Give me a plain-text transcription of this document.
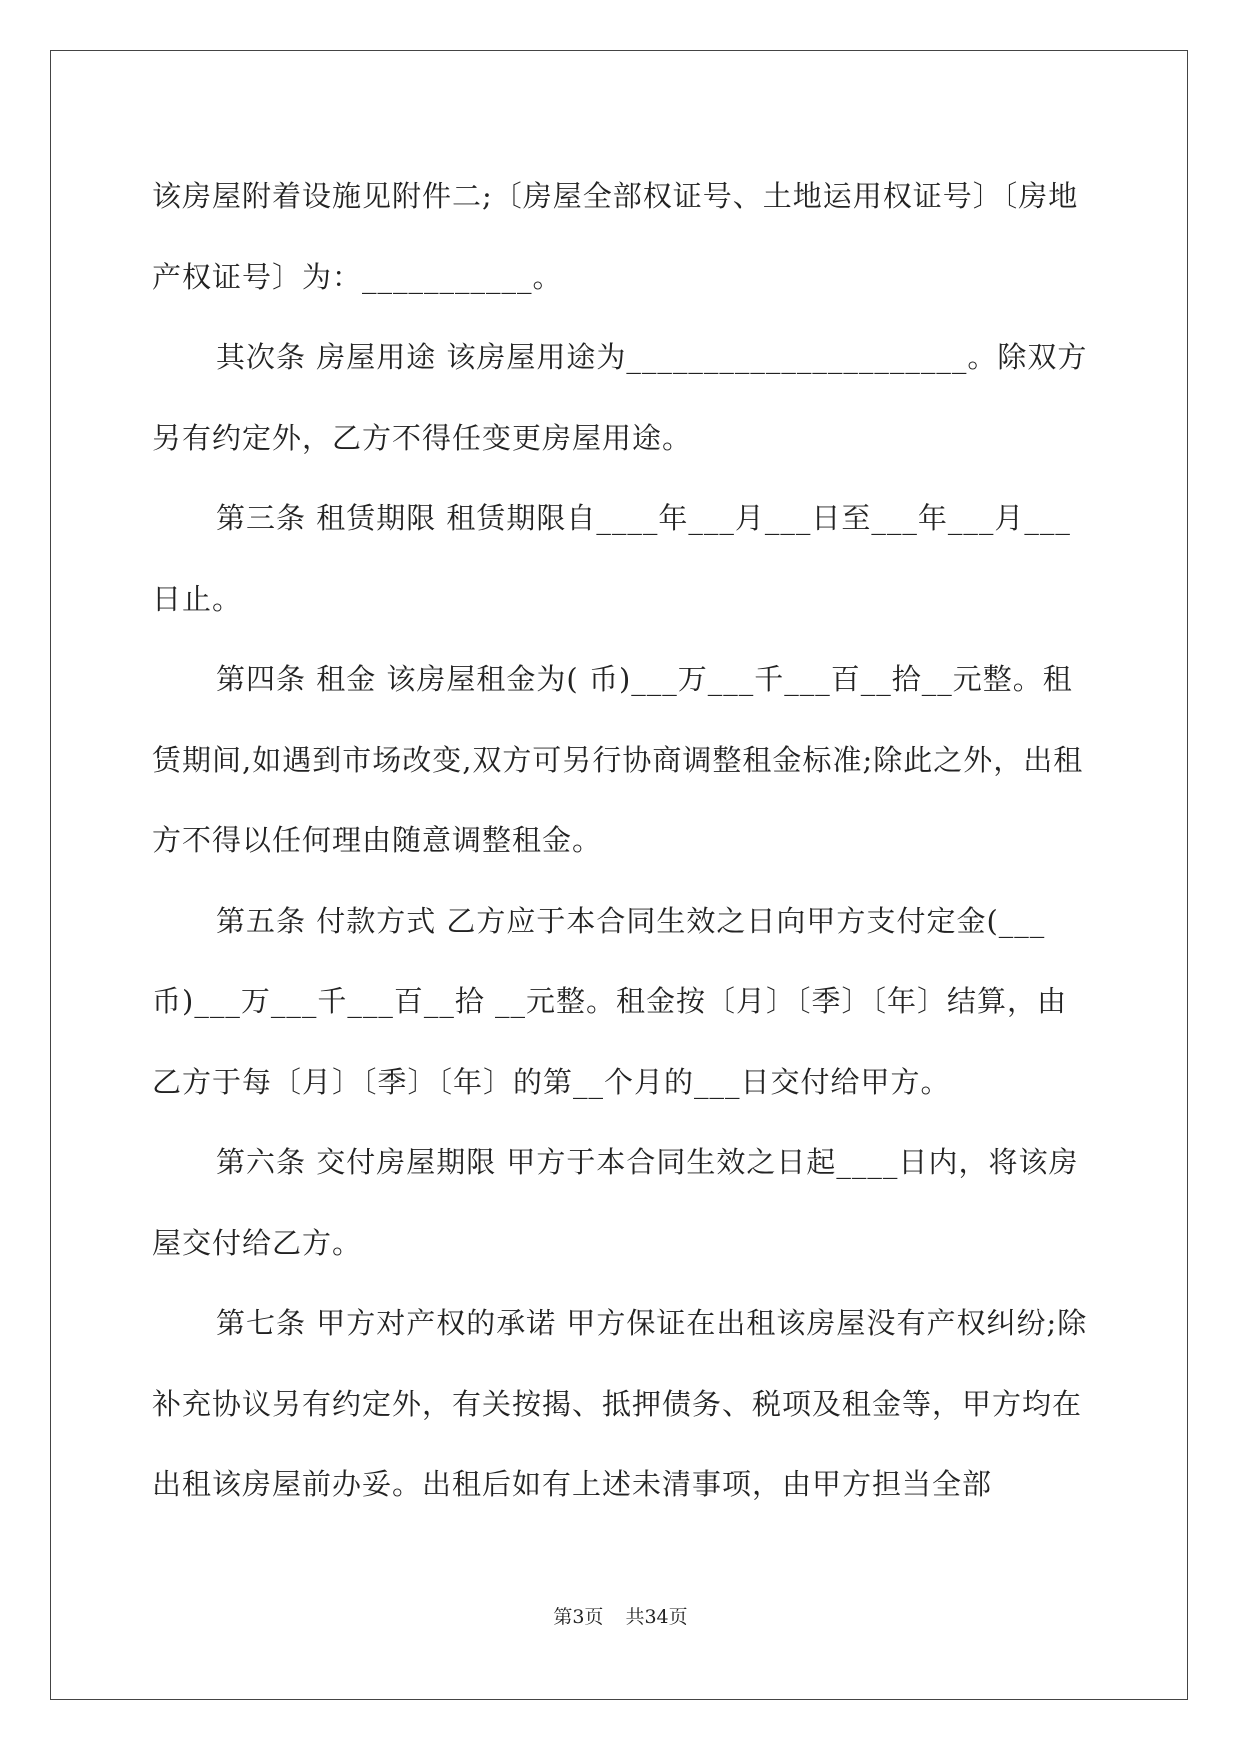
该房屋附着设施见附件二;〔房屋全部权证号、土地运用权证号〕〔房地产权证号〕为：___________。

其次条 房屋用途 该房屋用途为______________________。除双方另有约定外，乙方不得任变更房屋用途。

第三条 租赁期限 租赁期限自____年___月___日至___年___月___日止。

第四条 租金 该房屋租金为( 币)___万___千___百__拾__元整。租赁期间,如遇到市场改变,双方可另行协商调整租金标准;除此之外，出租方不得以任何理由随意调整租金。

第五条 付款方式 乙方应于本合同生效之日向甲方支付定金(___币)___万___千___百__拾 __元整。租金按〔月〕〔季〕〔年〕结算，由乙方于每〔月〕〔季〕〔年〕的第__个月的___日交付给甲方。

第六条 交付房屋期限 甲方于本合同生效之日起____日内，将该房屋交付给乙方。

第七条 甲方对产权的承诺 甲方保证在出租该房屋没有产权纠纷;除补充协议另有约定外，有关按揭、抵押债务、税项及租金等，甲方均在出租该房屋前办妥。出租后如有上述未清事项，由甲方担当全部

第3页 共34页
